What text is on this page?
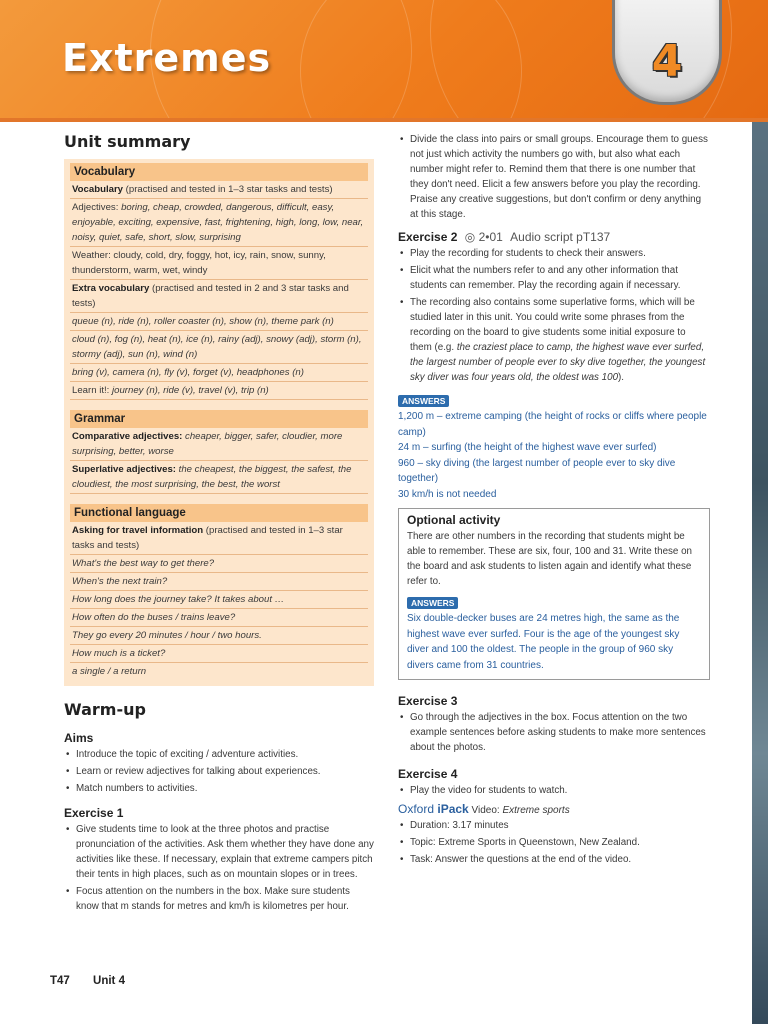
Extremes	4
Unit summary
Vocabulary
Vocabulary (practised and tested in 1–3 star tasks and tests)
Adjectives: boring, cheap, crowded, dangerous, difficult, easy, enjoyable, exciting, expensive, fast, frightening, high, long, low, near, noisy, quiet, safe, short, slow, surprising
Weather: cloudy, cold, dry, foggy, hot, icy, rain, snow, sunny, thunderstorm, warm, wet, windy
Extra vocabulary (practised and tested in 2 and 3 star tasks and tests)
queue (n), ride (n), roller coaster (n), show (n), theme park (n)
cloud (n), fog (n), heat (n), ice (n), rainy (adj), snowy (adj), storm (n), stormy (adj), sun (n), wind (n)
bring (v), camera (n), fly (v), forget (v), headphones (n)
Learn it!: journey (n), ride (v), travel (v), trip (n)
Grammar
Comparative adjectives: cheaper, bigger, safer, cloudier, more surprising, better, worse
Superlative adjectives: the cheapest, the biggest, the safest, the cloudiest, the most surprising, the best, the worst
Functional language
Asking for travel information (practised and tested in 1–3 star tasks and tests)
What's the best way to get there?
When's the next train?
How long does the journey take? It takes about …
How often do the buses / trains leave?
They go every 20 minutes / hour / two hours.
How much is a ticket?
a single / a return
Warm-up
Aims
• Introduce the topic of exciting / adventure activities.
• Learn or review adjectives for talking about experiences.
• Match numbers to activities.
Exercise 1
• Give students time to look at the three photos and practise pronunciation of the activities. Ask them whether they have done any activities like these. If necessary, explain that extreme campers pitch their tents in high places, such as on mountain slopes or in trees.
• Focus attention on the numbers in the box. Make sure students know that m stands for metres and km/h is kilometres per hour.
• Divide the class into pairs or small groups. Encourage them to guess not just which activity the numbers go with, but also what each number might refer to. Remind them that there is one number that they don't need. Elicit a few answers before you play the recording. Praise any creative suggestions, but don't confirm or deny anything at this stage.
Exercise 2 ◎ 2•01 Audio script pT137
• Play the recording for students to check their answers.
• Elicit what the numbers refer to and any other information that students can remember. Play the recording again if necessary.
• The recording also contains some superlative forms, which will be studied later in this unit. You could write some phrases from the recording on the board to give students some initial exposure to them (e.g. the craziest place to camp, the highest wave ever surfed, the largest number of people ever to sky dive together, the youngest sky diver was four years old, the oldest was 100).
ANSWERS
1,200 m – extreme camping (the height of rocks or cliffs where people camp)
24 m – surfing (the height of the highest wave ever surfed)
960 – sky diving (the largest number of people ever to sky dive together)
30 km/h is not needed
Optional activity
There are other numbers in the recording that students might be able to remember. These are six, four, 100 and 31. Write these on the board and ask students to listen again and identify what these refer to.
ANSWERS
Six double-decker buses are 24 metres high, the same as the highest wave ever surfed. Four is the age of the youngest sky diver and 100 the oldest. The people in the group of 960 sky divers came from 31 countries.
Exercise 3
• Go through the adjectives in the box. Focus attention on the two example sentences before asking students to make more sentences about the photos.
Exercise 4
• Play the video for students to watch.
Oxford iPack Video: Extreme sports
• Duration: 3.17 minutes
• Topic: Extreme Sports in Queenstown, New Zealand.
• Task: Answer the questions at the end of the video.
T47 Unit 4
